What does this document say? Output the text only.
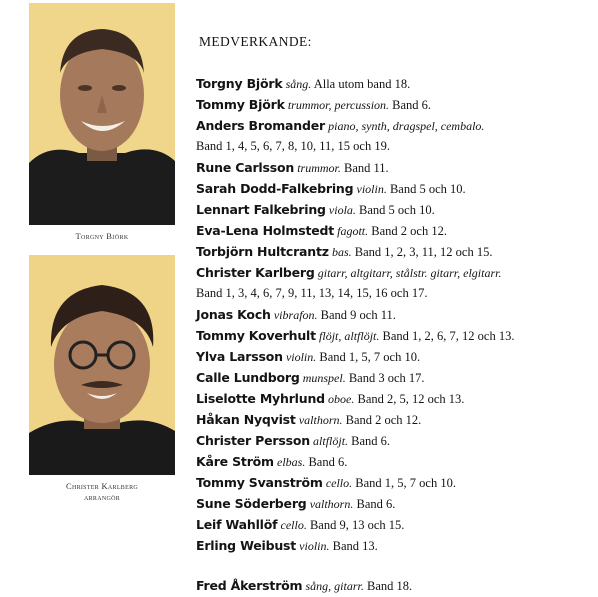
Torgny Björk
Christer Karlberg
arrangör
MEDVERKANDE:
Torgny Björk sång. Alla utom band 18.
Tommy Björk trummor, percussion. Band 6.
Anders Bromander piano, synth, dragspel, cembalo.
Band 1, 4, 5, 6, 7, 8, 10, 11, 15 och 19.
Rune Carlsson trummor. Band 11.
Sarah Dodd-Falkebring violin. Band 5 och 10.
Lennart Falkebring viola. Band 5 och 10.
Eva-Lena Holmstedt fagott. Band 2 och 12.
Torbjörn Hultcrantz bas. Band 1, 2, 3, 11, 12 och 15.
Christer Karlberg gitarr, altgitarr, stålstr. gitarr, elgitarr.
Band 1, 3, 4, 6, 7, 9, 11, 13, 14, 15, 16 och 17.
Jonas Koch vibrafon. Band 9 och 11.
Tommy Koverhult flöjt, altflöjt. Band 1, 2, 6, 7, 12 och 13.
Ylva Larsson violin. Band 1, 5, 7 och 10.
Calle Lundborg munspel. Band 3 och 17.
Liselotte Myhrlund oboe. Band 2, 5, 12 och 13.
Håkan Nyqvist valthorn. Band 2 och 12.
Christer Persson altflöjt. Band 6.
Kåre Ström elbas. Band 6.
Tommy Svanström cello. Band 1, 5, 7 och 10.
Sune Söderberg valthorn. Band 6.
Leif Wahllöf cello. Band 9, 13 och 15.
Erling Weibust violin. Band 13.
Fred Åkerström sång, gitarr. Band 18.
